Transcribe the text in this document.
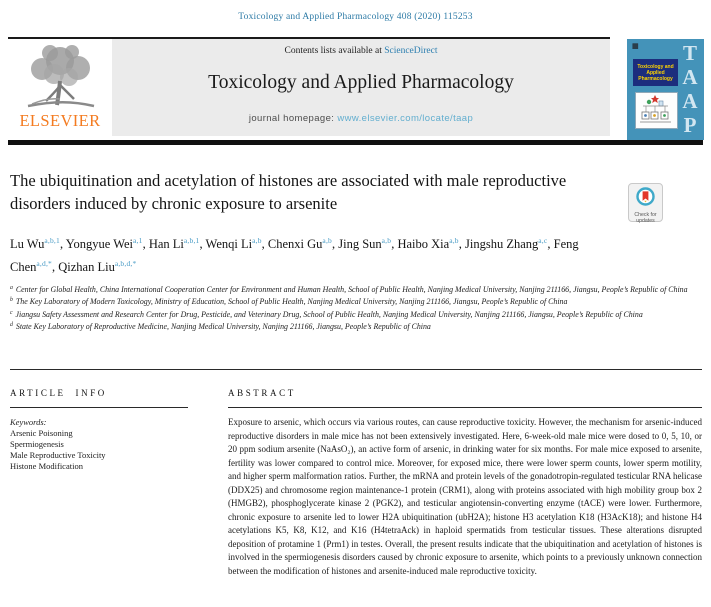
Toxicology and Applied Pharmacology 408 (2020) 115253
ELSEVIER
Contents lists available at ScienceDirect
Toxicology and Applied Pharmacology
journal homepage: www.elsevier.com/locate/taap
▦ T
A
A
P
Toxicology and Applied Pharmacology
The ubiquitination and acetylation of histones are associated with male reproductive disorders induced by chronic exposure to arsenite
Check for updates
Lu Wu$^{a,b,1}$, Yongyue Wei$^{a,1}$, Han Li$^{a,b,1}$, Wenqi Li$^{a,b}$, Chenxi Gu$^{a,b}$, Jing Sun$^{a,b}$, Haibo Xia$^{a,b}$, Jingshu Zhang$^{a,c}$, Feng Chen$^{a,d,*}$, Qizhan Liu$^{a,b,d,*}$
$^a$ Center for Global Health, China International Cooperation Center for Environment and Human Health, School of Public Health, Nanjing Medical University, Nanjing 211166, Jiangsu, People’s Republic of China
$^b$ The Key Laboratory of Modern Toxicology, Ministry of Education, School of Public Health, Nanjing Medical University, Nanjing 211166, Jiangsu, People’s Republic of China
$^c$ Jiangsu Safety Assessment and Research Center for Drug, Pesticide, and Veterinary Drug, School of Public Health, Nanjing Medical University, Nanjing 211166, Jiangsu, People’s Republic of China
$^d$ State Key Laboratory of Reproductive Medicine, Nanjing Medical University, Nanjing 211166, Jiangsu, People’s Republic of China
ARTICLE INFO	ABSTRACT
Keywords:
Arsenic Poisoning
Spermiogenesis
Male Reproductive Toxicity
Histone Modification
Exposure to arsenic, which occurs via various routes, can cause reproductive toxicity. However, the mechanism for arsenic-induced reproductive disorders in male mice has not been extensively investigated. Here, 6-week-old male mice were dosed to 0, 5, 10, or 20 ppm sodium arsenite (NaAsO₂), an active form of arsenic, in drinking water for six months. For male mice exposed to arsenite, fertility was lower compared to control mice. Moreover, for exposed mice, there were lower sperm counts, lower sperm motility, and higher sperm malformation ratios. Further, the mRNA and protein levels of the gonadotropin-regulated testicular RNA helicase (DDX25) and chromosome region maintenance-1 protein (CRM1), along with proteins associated with high mobility group box 2 (HMGB2), phosphoglycerate kinase 2 (PGK2), and testicular angiotensin-converting enzyme (tACE) were lower. Furthermore, chronic exposure to arsenite led to lower H2A ubiquitination (ubH2A); histone H3 acetylation K18 (H3AcK18); and histone H4 acetylations K5, K8, K12, and K16 (H4tetraAck) in haploid spermatids from testicular tissues. These alterations disrupted deposition of protamine 1 (Prm1) in testes. Overall, the present results indicate that the ubiquitination and acetylation of histones is involved in the spermiogenesis disorders caused by chronic exposure to arsenite, which points to a previously unknown connection between the modification of histones and arsenite-induced male reproductive toxicity.
